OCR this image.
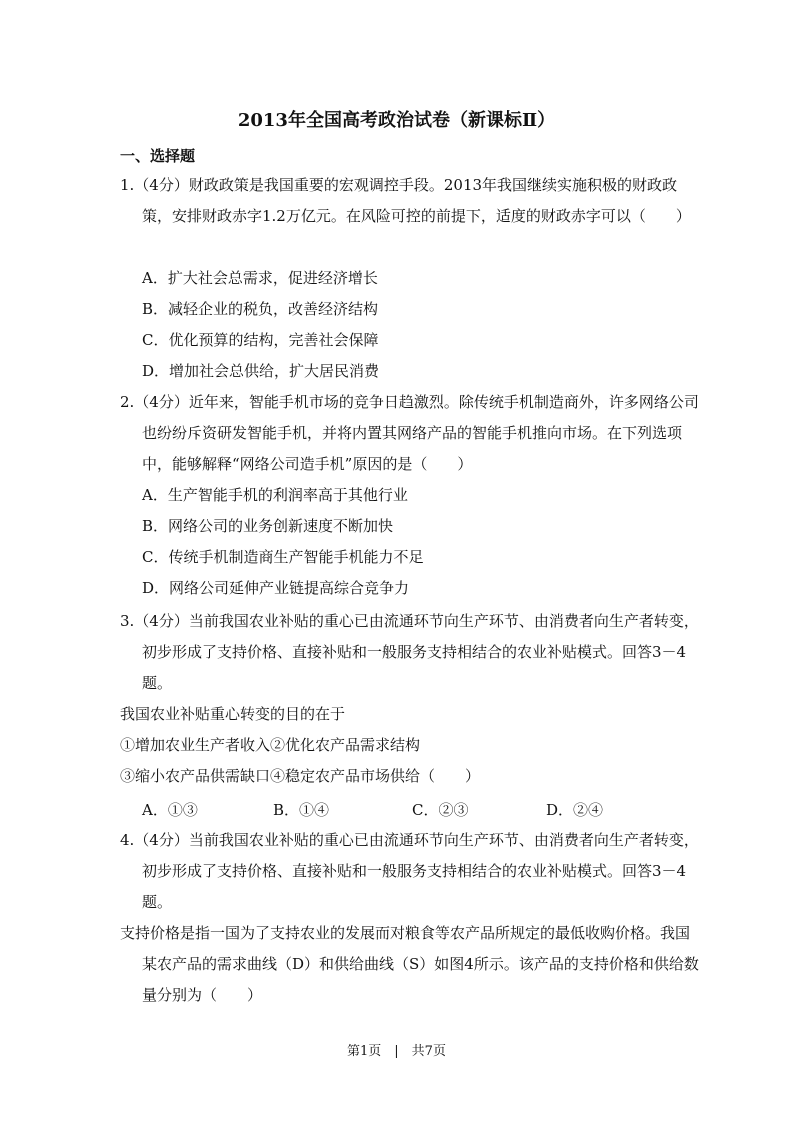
2013年全国高考政治试卷（新课标Ⅱ）
一、选择题
1.（4分）财政政策是我国重要的宏观调控手段。2013年我国继续实施积极的财政政策，安排财政赤字1.2万亿元。在风险可控的前提下，适度的财政赤字可以（　　）
A．扩大社会总需求，促进经济增长
B．减轻企业的税负，改善经济结构
C．优化预算的结构，完善社会保障
D．增加社会总供给，扩大居民消费
2.（4分）近年来，智能手机市场的竞争日趋激烈。除传统手机制造商外，许多网络公司也纷纷斥资研发智能手机，并将内置其网络产品的智能手机推向市场。在下列选项中，能够解释“网络公司造手机”原因的是（　　）
A．生产智能手机的利润率高于其他行业
B．网络公司的业务创新速度不断加快
C．传统手机制造商生产智能手机能力不足
D．网络公司延伸产业链提高综合竞争力
3.（4分）当前我国农业补贴的重心已由流通环节向生产环节、由消费者向生产者转变，初步形成了支持价格、直接补贴和一般服务支持相结合的农业补贴模式。回答3－4题。
我国农业补贴重心转变的目的在于
①增加农业生产者收入②优化农产品需求结构
③缩小农产品供需缺口④稳定农产品市场供给（　　）
A．①③	B．①④	C．②③	D．②④
4.（4分）当前我国农业补贴的重心已由流通环节向生产环节、由消费者向生产者转变，初步形成了支持价格、直接补贴和一般服务支持相结合的农业补贴模式。回答3－4题。
支持价格是指一国为了支持农业的发展而对粮食等农产品所规定的最低收购价格。我国某农产品的需求曲线（D）和供给曲线（S）如图4所示。该产品的支持价格和供给数量分别为（　　）
第1页　|　共7页
